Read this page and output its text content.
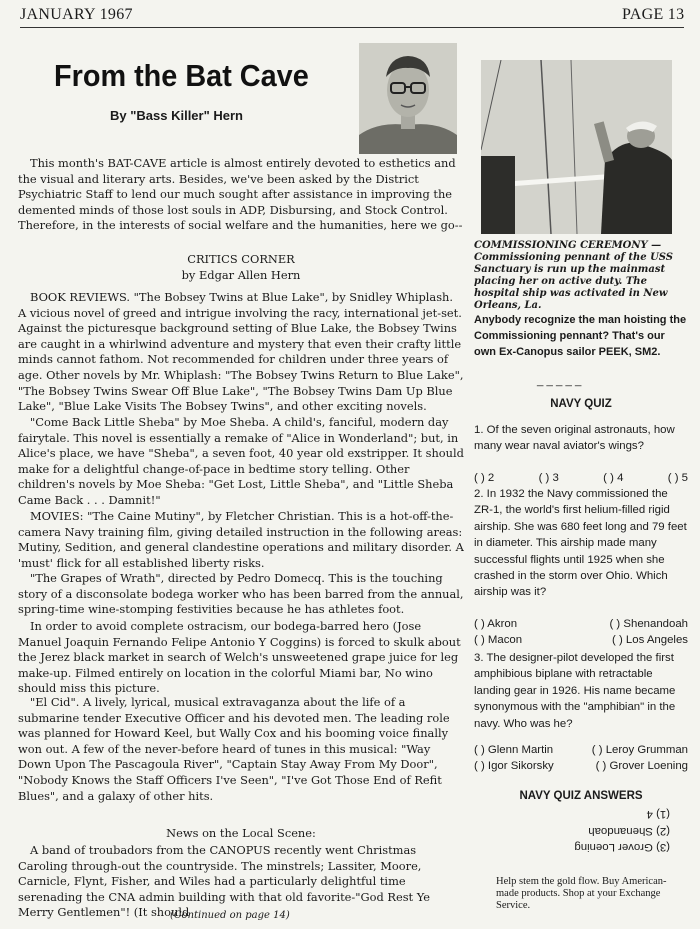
JANUARY 1967	PAGE 13
From the Bat Cave
By "Bass Killer" Hern

This month's BAT-CAVE article is almost entirely devoted to esthetics and the visual and literary arts. Besides, we've been asked by the District Psychiatric Staff to lend our much sought after assistance in improving the demented minds of those lost souls in ADP, Disbursing, and Stock Control. Therefore, in the interests of social welfare and the humanities, here we go--

CRITICS CORNER
by Edgar Allen Hern

BOOK REVIEWS. "The Bobsey Twins at Blue Lake", by Snidley Whiplash. A vicious novel of greed and intrigue involving the racy, international jet-set. Against the picturesque background setting of Blue Lake, the Bobsey Twins are caught in a whirlwind adventure and mystery that even their crafty little minds cannot fathom. Not recommended for children under three years of age. Other novels by Mr. Whiplash: "The Bobsey Twins Return to Blue Lake", "The Bobsey Twins Swear Off Blue Lake", "The Bobsey Twins Dam Up Blue Lake", "Blue Lake Visits The Bobsey Twins", and other exciting novels.

"Come Back Little Sheba" by Moe Sheba. A child's, fanciful, modern day fairytale. This novel is essentially a remake of "Alice in Wonderland"; but, in Alice's place, we have "Sheba", a seven foot, 40 year old exstripper. It should make for a delightful change-of-pace in bedtime story telling. Other children's novels by Moe Sheba: "Get Lost, Little Sheba", and "Little Sheba Came Back . . . Damnit!"

MOVIES: "The Caine Mutiny", by Fletcher Christian. This is a hot-off-the-camera Navy training film, giving detailed instruction in the following areas: Mutiny, Sedition, and general clandestine operations and military disorder. A 'must' flick for all established liberty risks.

"The Grapes of Wrath", directed by Pedro Domecq. This is the touching story of a disconsolate bodega worker who has been barred from the annual, spring-time wine-stomping festivities because he has athletes foot.

In order to avoid complete ostracism, our bodega-barred hero (Jose Manuel Joaquin Fernando Felipe Antonio Y Coggins) is forced to skulk about the Jerez black market in search of Welch's unsweetened grape juice for leg make-up. Filmed entirely on location in the colorful Miami bar, No wino should miss this picture.

"El Cid". A lively, lyrical, musical extravaganza about the life of a submarine tender Executive Officer and his devoted men. The leading role was planned for Howard Keel, but Wally Cox and his booming voice finally won out. A few of the never-before heard of tunes in this musical: "Way Down Upon The Pascagoula River", "Captain Stay Away From My Door", "Nobody Knows the Staff Officers I've Seen", "I've Got Those End of Refit Blues", and a galaxy of other hits.

News on the Local Scene:

A band of troubadors from the CANOPUS recently went Christmas Caroling through-out the countryside. The minstrels; Lassiter, Moore, Carnicle, Flynt, Fisher, and Wiles had a particularly delightful time serenading the CNA admin building with that old favorite-"God Rest Ye Merry Gentlemen"! (It should

(Continued on page 14)
COMMISSIONING CEREMONY — Commissioning pennant of the USS Sanctuary is run up the mainmast placing her on active duty. The hospital ship was activated in New Orleans, La.
Anybody recognize the man hoisting the Commissioning pennant? That's our own Ex-Canopus sailor PEEK, SM2.
_ _ _ _ _
NAVY QUIZ
1. Of the seven original astronauts, how many wear naval aviator's wings?
( ) 2	( ) 3	( ) 4	( ) 5
2. In 1932 the Navy commissioned the ZR-1, the world's first helium-filled rigid airship. She was 680 feet long and 79 feet in diameter. This airship made many successful flights until 1925 when she crashed in the storm over Ohio. Which airship was it?
( ) Akron	( ) Shenandoah
( ) Macon	( ) Los Angeles
3. The designer-pilot developed the first amphibious biplane with retractable landing gear in 1926. His name became synonymous with the "amphibian" in the navy. Who was he?
( ) Glenn Martin	( ) Leroy Grumman
( ) Igor Sikorsky	( ) Grover Loening
NAVY QUIZ ANSWERS
(3) Grover Loening
(2) Shenandoah
(1) 4
Help stem the gold flow. Buy American-made products. Shop at your Exchange Service.
